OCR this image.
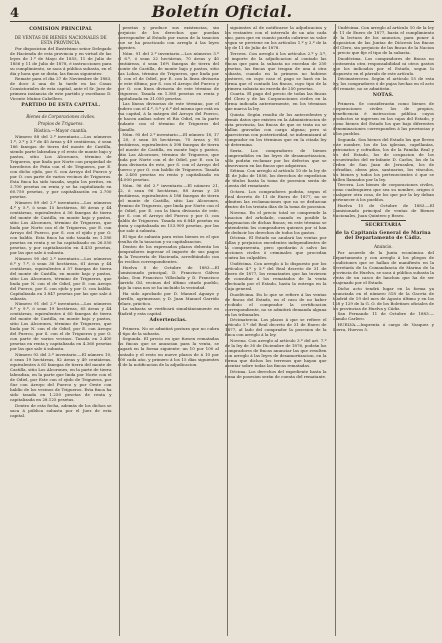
4	Boletín Oficial.

COMISION PRINCIPAL

DE VENTAS DE BIENES NACIONALES DE ESTA PROVINCIA.

Por disposicion del Ilustrísimo señor Delegado de Hacienda de esta provincia y en virtud de las leyes de 1.º de Mayo de 1855, 11 de Julio de 1856 y 11 de Julio de 1878, é instrucciones para su cumplimiento, se saca á pública subasta, en el dia y hora que se dirán, las fincas siguientes:

Remate para el dia 27 de Noviembre de 1883, de doce á una de la tarde en las Casas Consistoriales de esta capital, ante el Sr. Juez de primera instancia de este partido y escribano D. Vicente Muñoz Cabellero.

PARTIDO DE ESTA CAPITAL.

Bienes de Corporaciones civiles.

Propios de Trigueros.

Rústica.—Mayor cuantía.

Número 88 del 2.º inventario.—Los números 1.º, 2.º y 3.º de 45 áreas y 49 centiáreas, ó sean 166 fanegas de tierra del monte de Castilla, siendo parte labradiza y el resto de monte bajo y pastos, sitio Los Alcorones, término de Trigueros, que linda por Norte con propiedad de herederos de Peña con el de Trigueros, por E. con dicho ejido, por S. con Arroyo del Puerco y por O. con parte de varios vecinos de Trigueros. Esta finca ha sido tasada, según los peritos, en 2.700 pesetas en renta y se ha capitalizado en 60.750 pesetas, y por capitalización en 2.700 pesetas.

Número 89 del 2.º inventario.—Los números 4.º y 5.º, ó sean 15 hectáreas, 80 áreas y 44 centiáreas, equivalentes á 56 fanegas de tierra del monte de Castilla, en monte bajo y pastos, sitio Los Alcorones, término de Trigueros, que linda por Norte con el de Trigueros, por E. con Arroyo del Puerco, por S. con el ejido y por O. con baldío. Esta finca ha sido tasada en 1.180 pesetas en renta y se ha capitalizado en 26.550 pesetas, y por capitalización en 4.433 pesetas, por las que sale á subasta.

Número 90 del 2.º inventario.—Los números 6.º y 7.º, ó sean 36 hectáreas, 61 áreas y 44 centiáreas, equivalentes á 57 fanegas de tierra del monte de Castilla, en monte bajo y pastos, sitio Los Alcorones, término de Trigueros, que linda por N. con el de Odiel, por E. con Arroyo del Puerco, por S. con ejido y por O. con baldío. Capitalizada en 3.847 pesetas por las que sale á subasta.

Número 91 del 2.º inventario.—Los números 8.º y 9.º, ó sean 19 hectáreas, 65 áreas y 44 centiáreas, equivalentes á 60 fanegas de tierra del monte de Castilla, en monte bajo y pastos, sitio Los Alcorones, término de Trigueros, que linda por N. con el de Odiel, por E. con Arroyo del Puerco, por S. con el de Trigueros y por O. con parte de varios vecinos. Tasada en 2.400 pesetas en renta y capitalizada en 4.360 pesetas por las que sale á subasta.

Número 92 del 2.º inventario.—El número 10, ó sean 19 hectáreas, 82 áreas y 49 centiáreas, equivalentes á 61 fanegas de tierra del monte de Castilla, sitio Los Alcorones, en la parte de tierra labradiza, en la parte que linda por Norte con el de Odiel, por Este con el ejido de Trigueros, por Sur con Arroyo del Puerco y por Oeste con baldío de los vecinos de Trigueros. Esta finca ha sido tasada en 1.250 pesetas de renta y capitalizada en 28.125 pesetas.

Dentro de esta fecha, además de los dichos se saca á pública subasta por el Juez de esta capital.

pesetas y produce sus existencias, sin perjuicio de los derechos que puedan corresponder al Estado por razon de la tasacion que se ha practicado con arreglo á las leyes vigentes.

Núm. 91 del 2.º inventario.—Los números 3.º al 6.º, ó sean 22 hectáreas, 70 áreas y 40 centiáreas, ó sean 16½ fanegas de tierra del monte de Castilla, de monte bajo y pastos, sitio Las Lobas, término de Trigueros, que linda por N. con el de Odiel, por E. con la línea divisoria de este último, por S. con el Arroyo del Puerco y por O. con línea divisoria de este término de Trigueros. Tasada en 1.380 pesetas en renta y capitalizada en 31.050 pesetas.

Las líneas divisorias de este término, por el lindero con el 4.º, 5.º y 6.º del mismo que está en esa capital, á la márgen del Arroyo del Puerco, se hacen ambas sobre el Rio Odiel, en la parte lindante con el término de Trigueros del Alamillo.

Núm. 95 del 2.º inventario.—El número 18, 17 y 20, ó sean 58 hectáreas, 70 áreas y 95 centiáreas, equivalentes á 398 fanegas de tierra del monte de Castilla, en monte bajo y pastos, sitio Las Alcorones, término de Trigueros, que linda por Norte con el de Odiel, por E. con la línea divisoria de este, por S. con el Arroyo del Puerco y por O. con baldío de Trigueros. Tasada en 2.400 pesetas en renta y capitalizada en 54.000 pesetas.

Núm. 96 del 2.º inventario.—El número 21, 22, ó sean 96 hectáreas, 88 áreas y 28 centiáreas, equivalentes á 186 fanegas de tierra del monte de Castilla, sitio Las Alcorones, término de Trigueros, que linda por Norte con el de Odiel, por E. con la línea divisoria de este, por S. con el Arroyo del Puerco y por O. con baldío de Trigueros. Tasada en 6.840 pesetas en renta y capitalizada en 153.900 pesetas, por las que sale á subasta.

El tipo de subasta para estos bienes es el que resulta de la tasacion y su capitalizacion.

Dentro de los expresados plazos deberán los compradores ingresar el importe de sus pagos en la Tesorería de Hacienda, acreditándolo con los recibos correspondientes.

Huelva 8 de Octubre de 1883.—El Comisionado principal, D. Francisco Gálvez Salas, Don Francisco Villoslada y D. Francisco Garrido Gil, vecinos del último citado pueblo, bajo la casa nos se ha incluido la vecindad.

Ha sido aprobado por D. Manuel Aguayo y Carrillo, agrimensor, y D. Juan Manuel Garrido Pelaez, práctico.

La subasta se verificará simultáneamente en Madrid y esta capital.

Advertencias.

Primera. No se admitirá postura que no cubra el tipo de la subasta.

Segunda. El precio en que fuesen rematadas las fincas que se anuncian para la venta, se pagará en la forma siguiente: un 10 por 100 al contado y el resto en nueve plazos de á 10 por 100 cada año, y primero á los 15 días siguientes al de la notificacion de la adjudicacion.

siguientes al de notificarse la adjudicacion y los restantes con el intervalo de un año cada uno, para que en cuanto pueda cubrirse su valor segun se previene en los artículos 1.º y 2.º de la ley de 11 de Julio de 1878.

Tercera. Con arreglo á los artículos 2.º y 3.º, el importe de la adjudicacion al contado las fincas que para la subasta no excedan de 250 pesetas, las fincas que tengan de una á otra subasta, cuando en la primera no hubiese postores, en cuyo caso el pago se hará en la forma que el contado las fincas, cuyo tipo de la primera subasta no exceda de 250 pesetas.

Cuarta. El pago del precio de todas las fincas del Clero y de las Corporaciones civiles en la forma indicada anteriormente, en los términos que marca la ley.

Quinta. Según resulta de los antecedentes y demás datos que existen en la Administracion de esta provincia, las fincas de que se trata no se hallan gravadas con carga alguna; pero si aparecieran con posterioridad, se indemnizará al comprador en los términos que en la citada ley se determina.

Sexta. Los compradores de bienes comprendidos en las leyes de desamortizacion, sólo podrán reclamar por los defectos que se observasen en las fincas que adquieran.

Sétima. Con arreglo al artículo 10 de la ley de 11 de Julio de 1856, los derechos de expedicion de títulos hasta la toma de posesion serán de cuenta del rematante.

Octava. Los compradores podrán, segun el Real decreto de 11 de Enero de 1877, no se admiten las reclamaciones que no se deduzcan dentro de los treinta días de la toma de posesion.

Novena. En el precio total se comprende la tasacion del arbolado, cuando es posible la enajenacion de dichas fincas; en este término se entenderán los compradores quienes por sí han de deducir los derechos de todos los gastos.

Décima. El Estado no anulará las ventas por fallas y perjuicios excedentes independientes de la compraventa, pero quedarán á salvo las acciones civiles ó criminales que procedan contra los culpables.

Undécima. Con arreglo á lo dispuesto por los artículos 4.º y 5.º del Real decreto de 31 de Enero de 1877, los rematantes que las tuviesen de consultar á los rematados de la venta efectuada por el Estado, hasta la entrega en la Caja general.

Duodécima. En lo que se refiere á las ventas de fincas del Estado, en el caso de no haber recibido el comprador la certificacion correspondiente, no se admitirá demanda alguna en los tribunales.

Décimatercia. Los plazos á que se refiere el artículo 1.º del Real decreto de 31 de Enero de 1877, al lado del comprador la posesion de la finca con arreglo á la ley.

Novena. Con arreglo al artículo 3.º del art. 7.º de la ley de 30 de Diciembre de 1876, podrán los compradores de fincas anunciar las que resulten con arreglo á las leyes de desamortizacion, en la forma que dichos los terrenos que hayan que asentar sobre todas las fincas rematadas.

Décima. Los derechos del expediente hasta la toma de posesion serán de cuenta del rematante.

Undécima. Con arreglo al artículo 10 de la ley de 11 de Enero de 1877, basta el cumplimiento de la lectura de los anuncios, para poner á disposicion de las Juntas de Diócesis las fincas del Clero, sin perjuicio de las fincas de la Nacion al precio que fije el tipo de la subasta.

Duodécima. Los compradores de fincas no contraerán otra responsabilidad ni otros gastos que los indicados por el Estado, segun lo dispuesto en el párrafo de este artículo.

Décimatercera. Según el artículo 15 de esta ley, los compradores ó de pujas hechas en el acto del remate, no se admitirán.

NOTAS.

Primera. Se considerarán como bienes de corporaciones civiles los de propios, beneficencia é instruccion pública cuyos productos se ingresen en las cajas del Estado, y como bienes del Estado los que bajo diferentes denominaciones corresponden á las provincias y á los pueblos.

Segunda. Son bienes del Estado los que lleven este nombre, los de las iglesias, capellanías, patronatos y cofradías, los de la Familia Real y los del Estado, los de ocupacion de los secuestrados del ex-Infante D. Carlos, los de la Orden de San Juan de Jerusalen, los de cofradías, obras pías, santuarios, los vínculos, los bienes y todos los pertenecientes ó que se hallen llamados por la ley.

Tercera. Los bienes de corporaciones civiles, como cualesquiera que sea su nombre, origen ó cualquier otra cosa, de los que por la ley deban pertenecer á los pueblos.

Huelva 15 de Octubre de 1883.—El Comisionado principal de ventas de Bienes Nacionales, Juan Quintero y Bravo.

SECRETARIA

de la Capitanía General de Marina del Departamento de Cádiz.

Anuncio.

Por acuerdo de la Junta económica del Departamento y con arreglo á los pliegos de condiciones que se hallan de manifiesto en la Secretaría de la Comandancia de Marina de la provincia de Huelva, se saca á pública subasta la venta de un casco de lanchon que ha de ser enajenado por el Estado.

Dicho acto tendrá lugar en la forma ya anunciada en el número 518 de la Gaceta de Madrid de 19 del mes de Agosto último y en los 128 y 129 de la G. O. de los Boletines oficiales de las provincias de Huelva y Cádiz.

San Fernando 11 de Octubre de 1883.—Camilo Carlero.

HUELVA.—Imprenta á cargo de Vasquez y Sierra, Huevos 5.
